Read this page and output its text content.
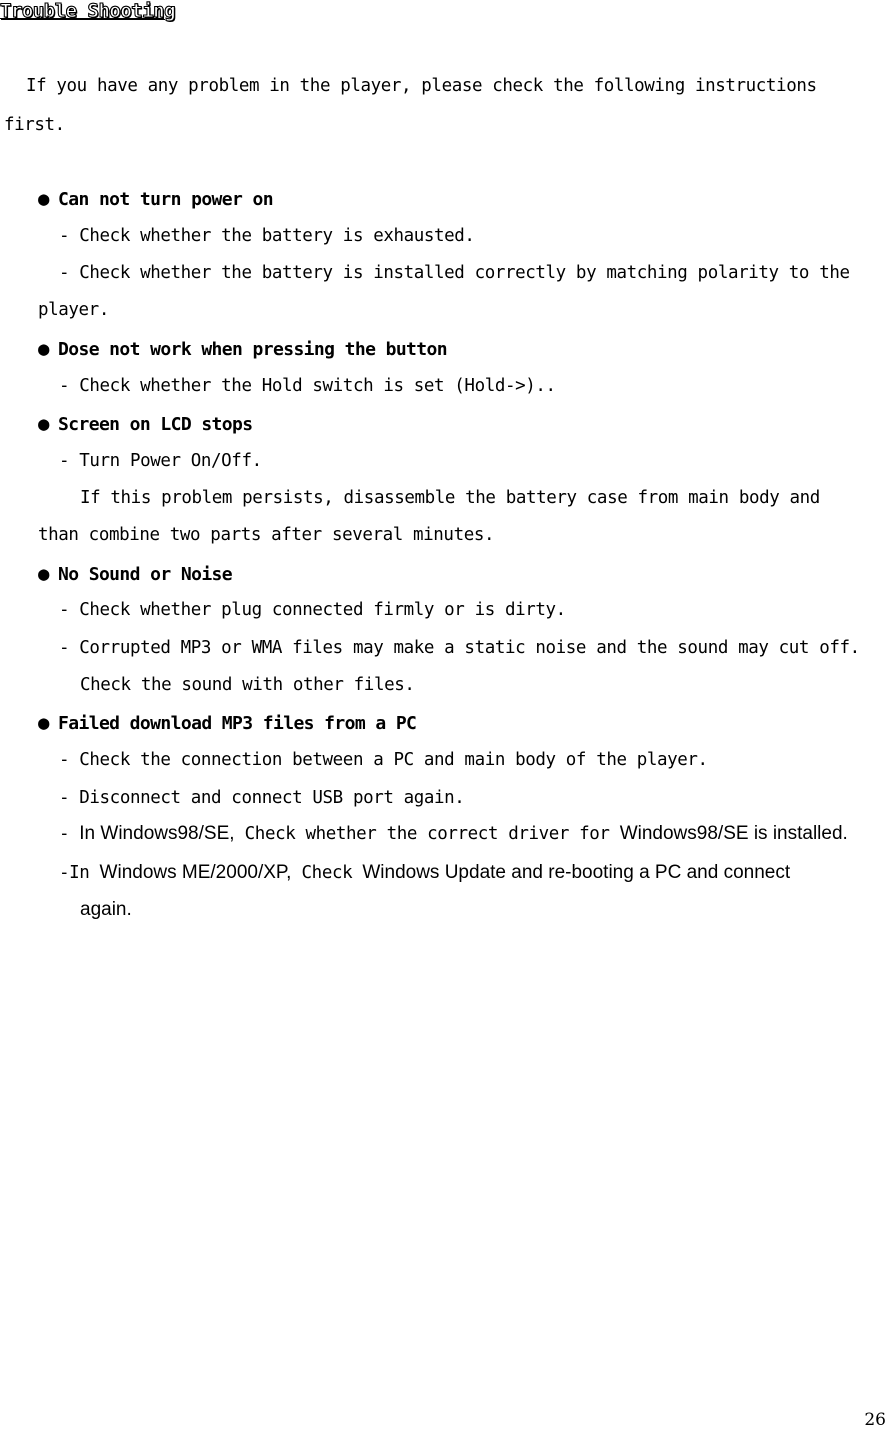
Trouble Shooting
If you have any problem in the player, please check the following instructions
first.
● Can not turn power on
- Check whether the battery is exhausted.
- Check whether the battery is installed correctly by matching polarity to the
player.
● Dose not work when pressing the button
- Check whether the Hold switch is set (Hold->)..
● Screen on LCD stops
- Turn Power On/Off.
If this problem persists, disassemble the battery case from main body and
than combine two parts after several minutes.
● No Sound or Noise
- Check whether plug connected firmly or is dirty.
- Corrupted MP3 or WMA files may make a static noise and the sound may cut off.
Check the sound with other files.
● Failed download MP3 files from a PC
- Check the connection between a PC and main body of the player.
- Disconnect and connect USB port again.
- In Windows98/SE, Check whether the correct driver for Windows98/SE is installed.
-In Windows ME/2000/XP, Check Windows Update and re-booting a PC and connect
again.
26
